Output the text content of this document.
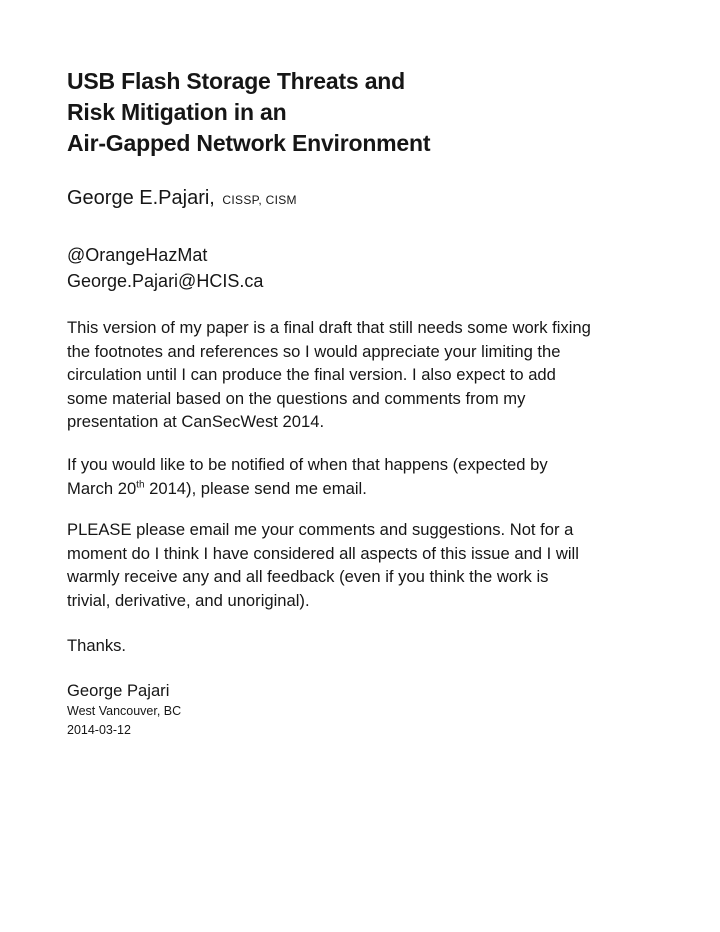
USB Flash Storage Threats and
Risk Mitigation in an
Air-Gapped Network Environment
George E.Pajari, CISSP, CISM
@OrangeHazMat
George.Pajari@HCIS.ca

This version of my paper is a final draft that still needs some work fixing
the footnotes and references so I would appreciate your limiting the
circulation until I can produce the final version. I also expect to add
some material based on the questions and comments from my
presentation at CanSecWest 2014.

If you would like to be notified of when that happens (expected by
March 20th 2014), please send me email.

PLEASE please email me your comments and suggestions. Not for a
moment do I think I have considered all aspects of this issue and I will
warmly receive any and all feedback (even if you think the work is
trivial, derivative, and unoriginal).

Thanks.

George Pajari
West Vancouver, BC
2014-03-12
